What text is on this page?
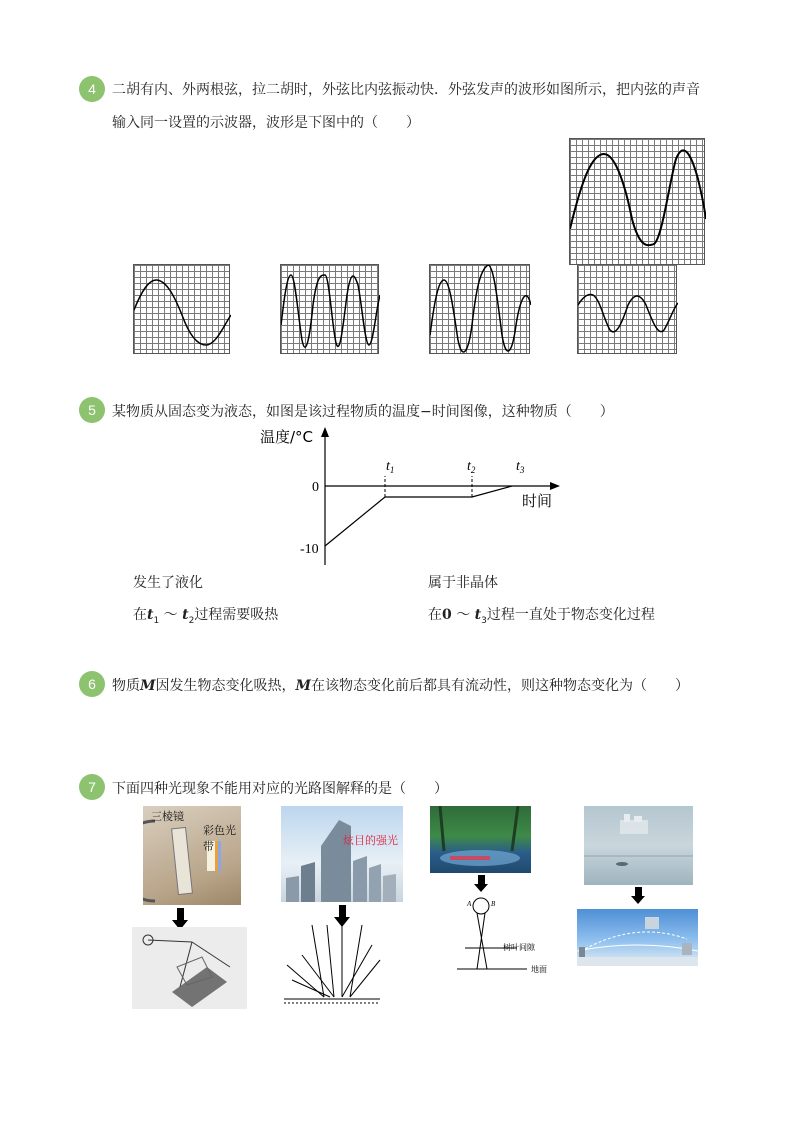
4	二胡有内、外两根弦，拉二胡时，外弦比内弦振动快．外弦发声的波形如图所示，把内弦的声音
输入同一设置的示波器，波形是下图中的（　　）
5	某物质从固态变为液态，如图是该过程物质的温度−时间图像，这种物质（　　）
温度/°C
时间
0
-10
$t_1$	$t_2$	$t_3$
发生了液化	属于非晶体
在$t_1$ ～ $t_2$过程需要吸热	在0 ～ $t_3$过程一直处于物态变化过程
6	物质M因发生物态变化吸热，M在该物态变化前后都具有流动性，则这种物态变化为（　　）
7	下面四种光现象不能用对应的光路图解释的是（　　）
三棱镜
彩色光带	炫目的强光
A	B
树叶间隙
地面
